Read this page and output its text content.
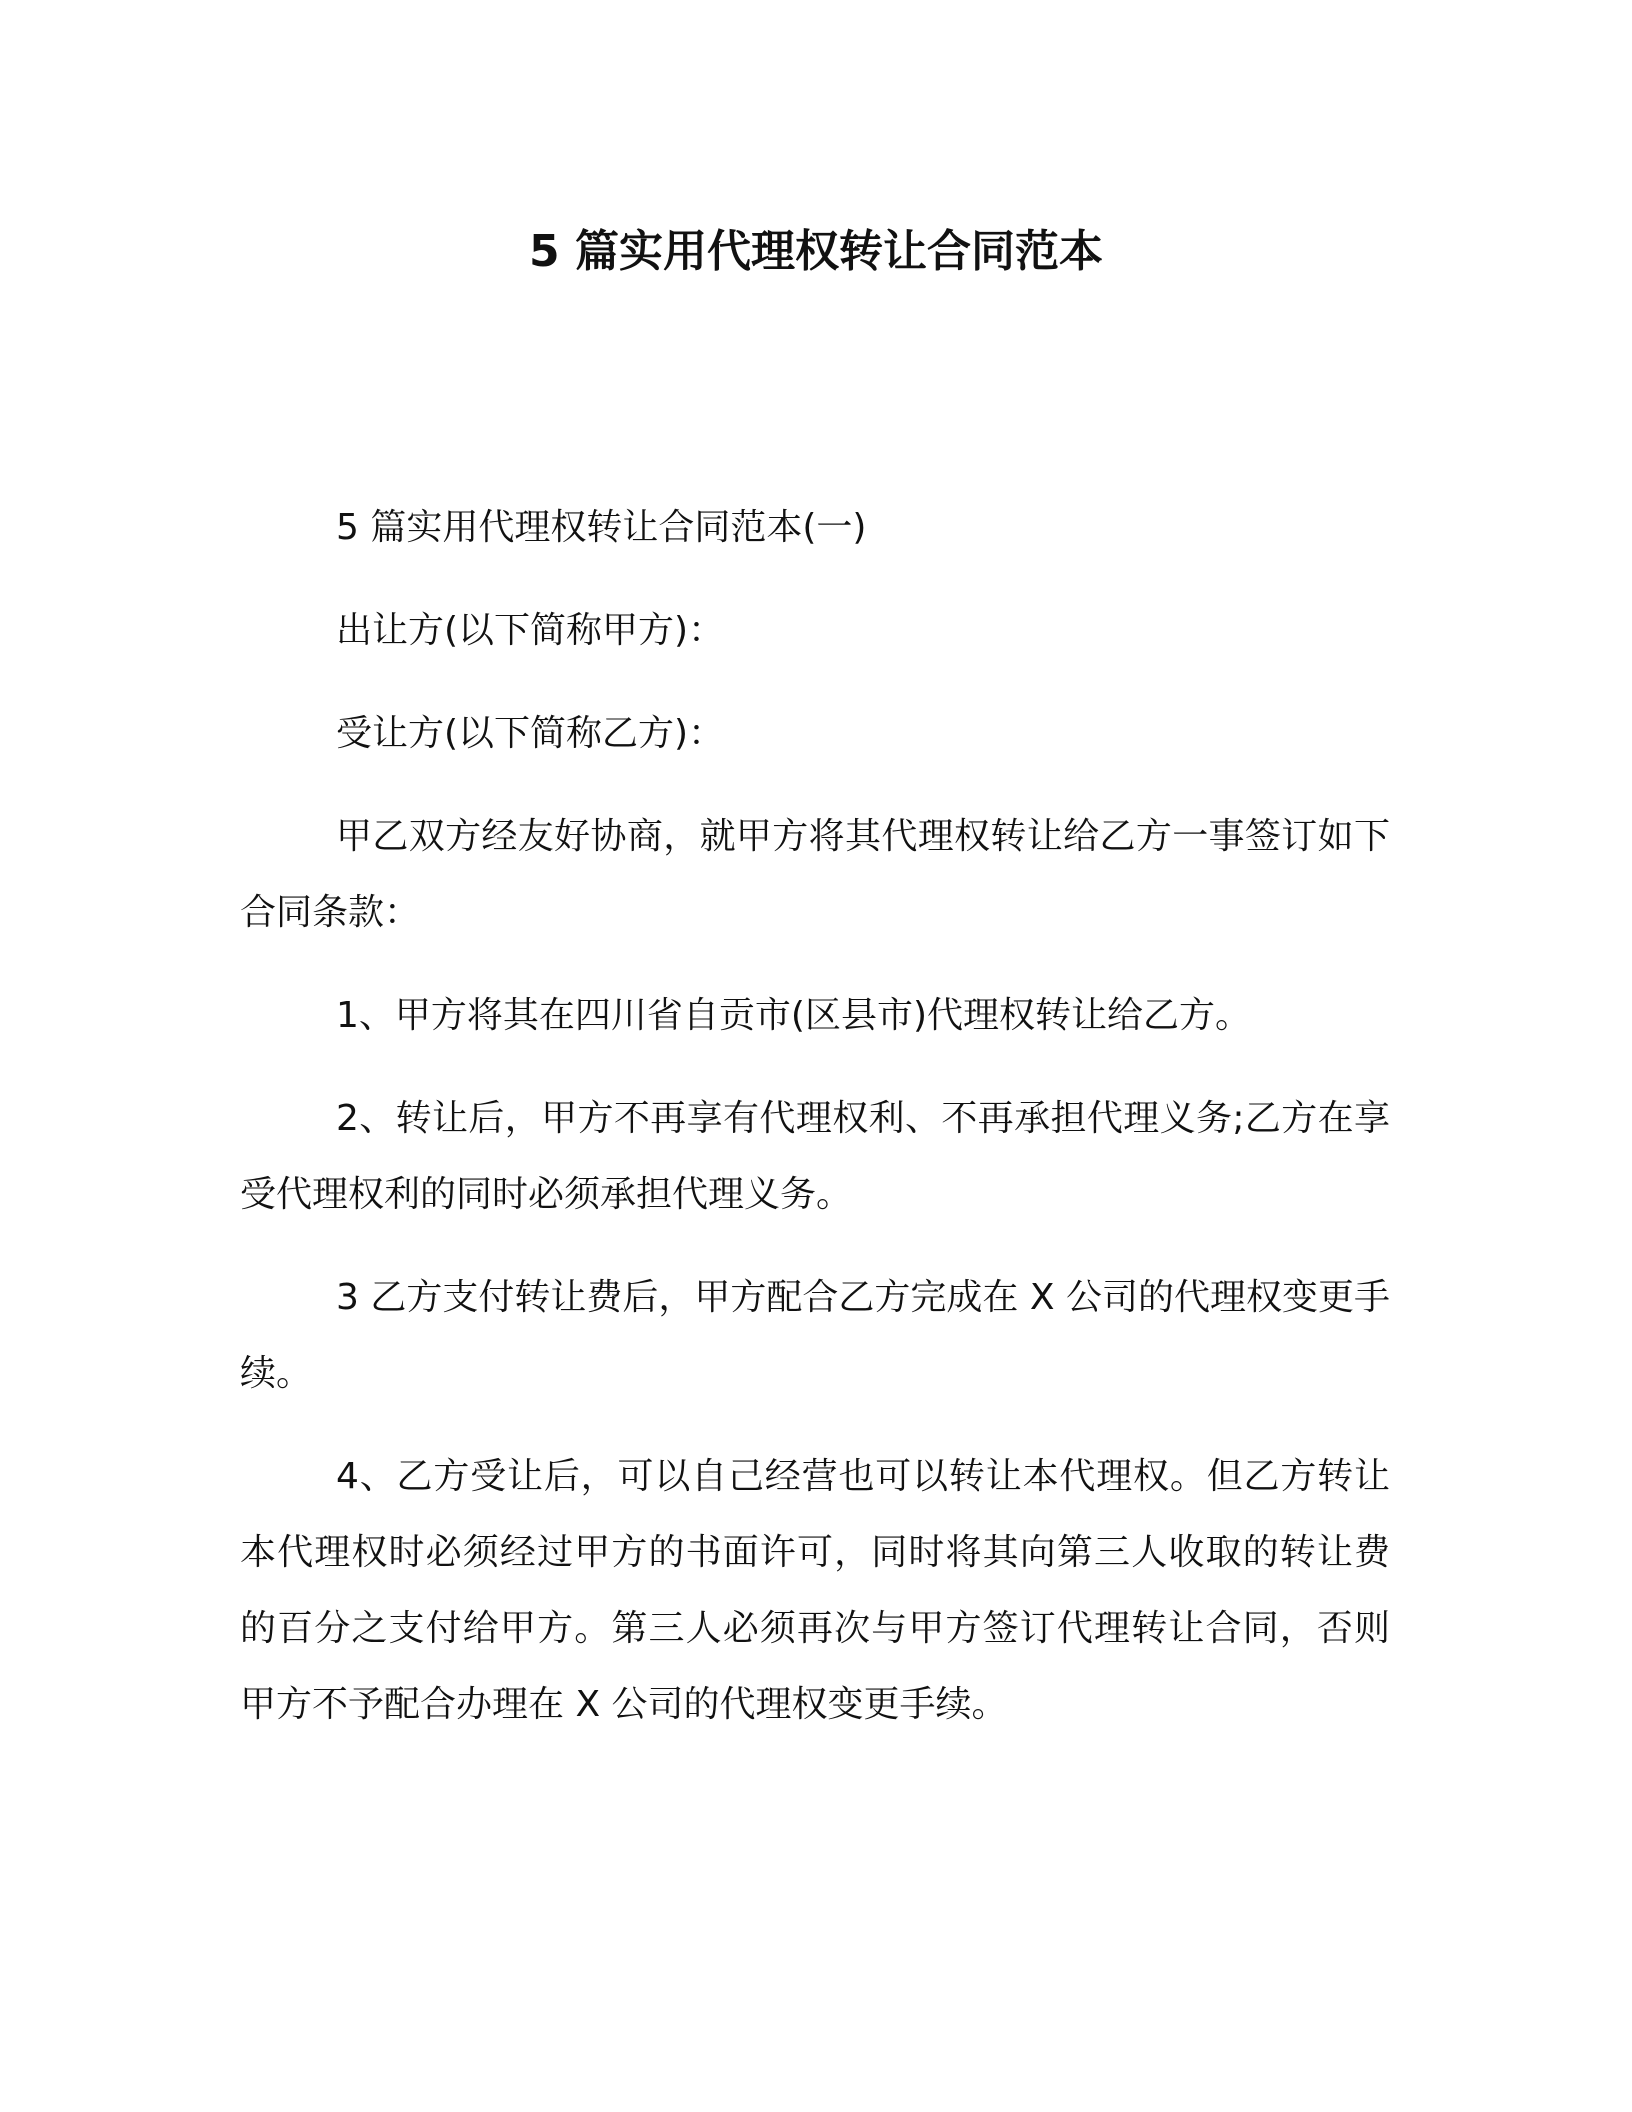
5 篇实用代理权转让合同范本

5 篇实用代理权转让合同范本(一)

出让方(以下简称甲方)：

受让方(以下简称乙方)：

甲乙双方经友好协商，就甲方将其代理权转让给乙方一事签订如下合同条款：

1、甲方将其在四川省自贡市(区县市)代理权转让给乙方。

2、转让后，甲方不再享有代理权利、不再承担代理义务;乙方在享受代理权利的同时必须承担代理义务。

3 乙方支付转让费后，甲方配合乙方完成在 X 公司的代理权变更手续。

4、乙方受让后，可以自己经营也可以转让本代理权。但乙方转让本代理权时必须经过甲方的书面许可，同时将其向第三人收取的转让费的百分之支付给甲方。第三人必须再次与甲方签订代理转让合同，否则甲方不予配合办理在 X 公司的代理权变更手续。
